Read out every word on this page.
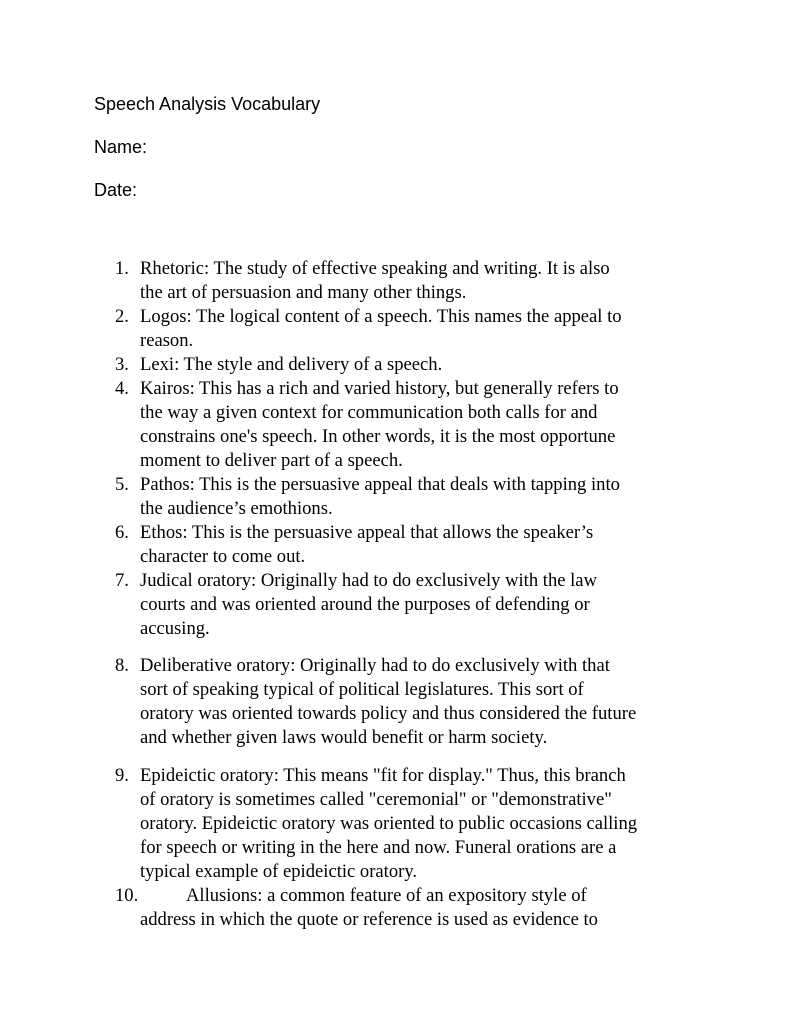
Speech Analysis Vocabulary
Name:
Date:
1. Rhetoric: The study of effective speaking and writing. It is also
the art of persuasion and many other things.
2. Logos: The logical content of a speech. This names the appeal to
reason.
3. Lexi: The style and delivery of a speech.
4. Kairos: This has a rich and varied history, but generally refers to
the way a given context for communication both calls for and
constrains one's speech. In other words, it is the most opportune
moment to deliver part of a speech.
5. Pathos: This is the persuasive appeal that deals with tapping into
the audience’s emothions.
6. Ethos: This is the persuasive appeal that allows the speaker’s
character to come out.
7. Judical oratory: Originally had to do exclusively with the law
courts and was oriented around the purposes of defending or
accusing.
8. Deliberative oratory: Originally had to do exclusively with that
sort of speaking typical of political legislatures. This sort of
oratory was oriented towards policy and thus considered the future
and whether given laws would benefit or harm society.
9. Epideictic oratory: This means "fit for display." Thus, this branch
of oratory is sometimes called "ceremonial" or "demonstrative"
oratory. Epideictic oratory was oriented to public occasions calling
for speech or writing in the here and now. Funeral orations are a
typical example of epideictic oratory.
10.	Allusions: a common feature of an expository style of
address in which the quote or reference is used as evidence to
